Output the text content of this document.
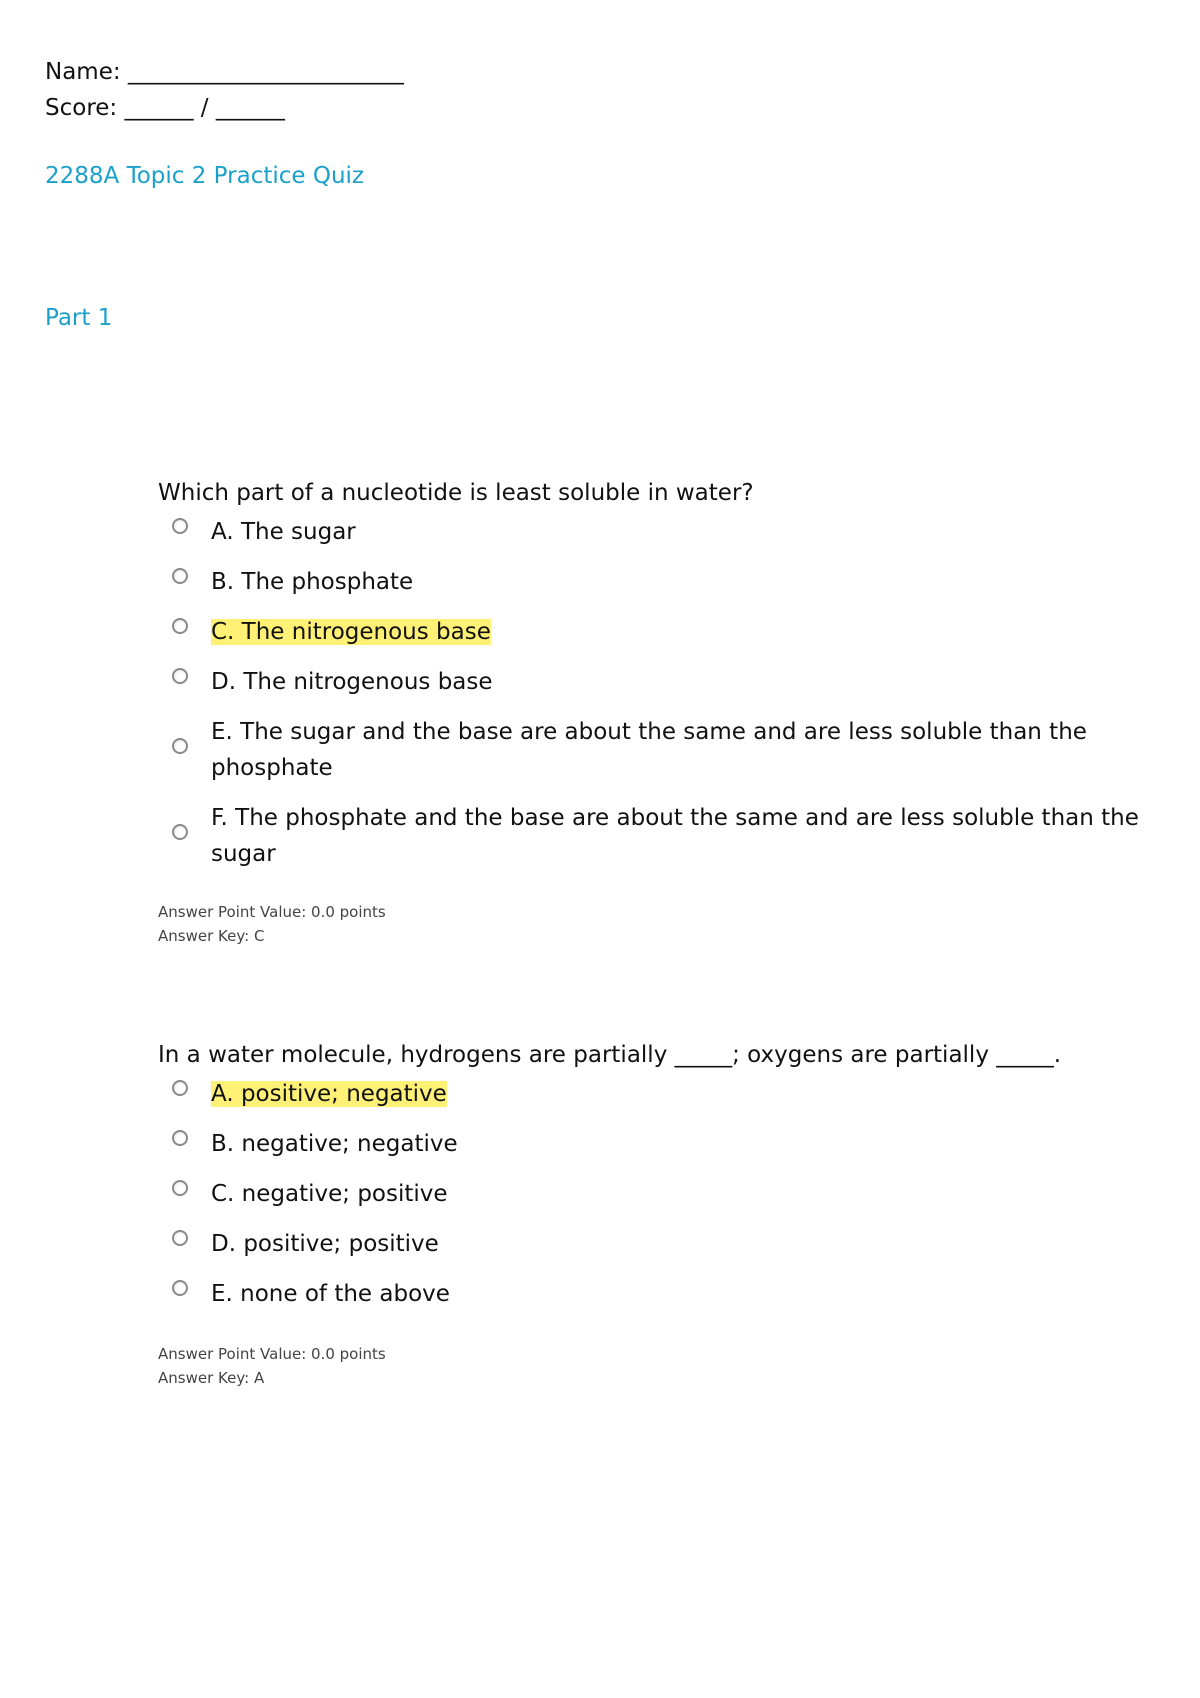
Name: ________________________
Score: ______ / ______
2288A Topic 2 Practice Quiz
Part 1
Which part of a nucleotide is least soluble in water?
A. The sugar
B. The phosphate
C. The nitrogenous base
D. The nitrogenous base
E. The sugar and the base are about the same and are less soluble than the phosphate
F. The phosphate and the base are about the same and are less soluble than the sugar
Answer Point Value: 0.0 points
Answer Key: C
In a water molecule, hydrogens are partially _____; oxygens are partially _____.
A. positive; negative
B. negative; negative
C. negative; positive
D. positive; positive
E. none of the above
Answer Point Value: 0.0 points
Answer Key: A
